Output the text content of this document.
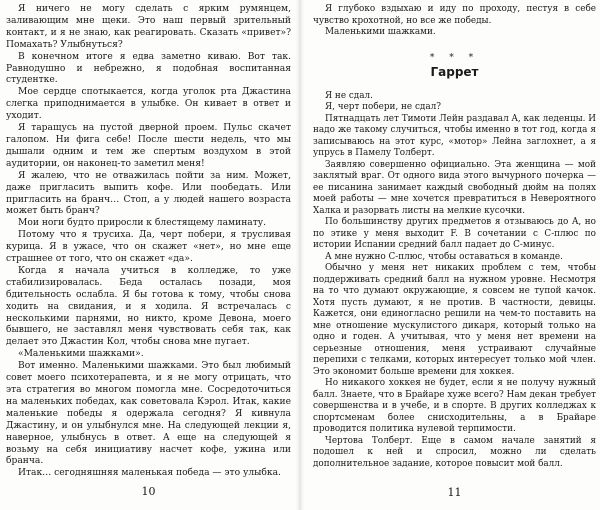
Я ничего не могу сделать с ярким румянцем, заливающим мне щеки. Это наш первый зрительный контакт, и я не знаю, как реагировать. Сказать «привет»? Помахать? Улыбнуться?

В конечном итоге я едва заметно киваю. Вот так. Равнодушно и небрежно, я подобная воспитанная студентке.

Мое сердце спотыкается, когда уголок рта Джастина слегка приподнимается в улыбке. Он кивает в ответ и уходит.

Я таращусь на пустой дверной проем. Пульс скачет галопом. Ни фига себе! После шести недель, что мы дышали одним и тем же спертым воздухом в этой аудитории, он наконец-то заметил меня!

Я жалею, что не отважилась пойти за ним. Может, даже пригласить выпить кофе. Или пообедать. Или пригласить на бранч… Стоп, а у людей нашего возраста может быть бранч?

Мои ноги будто приросли к блестящему ламинату.

Потому что я трусиха. Да, черт побери, я трусливая курица. Я в ужасе, что он скажет «нет», но мне еще страшнее от того, что он скажет «да».

Когда я начала учиться в колледже, то уже стабилизировалась. Беда осталась позади, моя бдительность ослабла. Я бы готова к тому, чтобы снова ходить на свидания, и я ходила. Я встречалась с несколькими парнями, но никто, кроме Девона, моего бывшего, не заставлял меня чувствовать себя так, как делает это Джастин Кол, чтобы снова мне пугает.

«Маленькими шажками».

Вот именно. Маленькими шажками. Это был любимый совет моего психотерапевта, и я не могу отрицать, что эта стратегия во многом помогла мне. Сосредоточиться на маленьких победах, как советовала Кэрол. Итак, какие маленькие победы я одержала сегодня? Я кивнула Джастину, и он улыбнулся мне. На следующей лекции я, наверное, улыбнусь в ответ. А еще на следующей я возьму на себя инициативу насчет кофе, ужина или бранча.

Итак… сегодняшняя маленькая победа — это улыбка.

10

Я глубоко вздыхаю и иду по проходу, пестуя в себе чувство крохотной, но все же победы.

Маленькими шажками.

* * *
Гаррет

Я не сдал.

Я, черт побери, не сдал?

Пятнадцать лет Тимоти Лейн раздавал A, как леденцы. И надо же такому случиться, чтобы именно в тот год, когда я записываюсь на этот курс, «мотор» Лейна заглохнет, а я упрусь в Памелу Толберт.

Заявляю совершенно официально. Эта женщина — мой заклятый враг. От одного вида этого вычурного почерка — ее писанина занимает каждый свободный дюйм на полях моей работы — мне хочется превратиться в Невероятного Халка и разорвать листы на мелкие кусочки.

По большинству других предметов я отзываюсь до A, но по этике у меня выходит F. В сочетании с C-плюс по истории Испании средний балл падает до C-минус.

А мне нужно C-плюс, чтобы оставаться в команде.

Обычно у меня нет никаких проблем с тем, чтобы поддерживать средний балл на нужном уровне. Несмотря на то что думают окружающие, я совсем не тупой качок. Хотя пусть думают, я не против. В частности, девицы. Кажется, они единогласно решили на чем-то поставить на мне отношение мускулистого дикаря, который только на одно и годен. А учитывая, что у меня нет времени на серьезные отношения, меня устраивают случайные перепихи с телками, которых интересует только мой член. Это экономит больше времени для хоккея.

Но никакого хоккея не будет, если я не получу нужный балл. Знаете, что в Брайаре хуже всего? Нам декан требует совершенства и в учебе, и в спорте. В других колледжах к спортсменам более снисходительны, а в Брайаре проводится политика нулевой терпимости.

Чертова Толберт. Еще в самом начале занятий я подошел к ней и спросил, можно ли сделать дополнительное задание, которое повысит мой балл.

11
